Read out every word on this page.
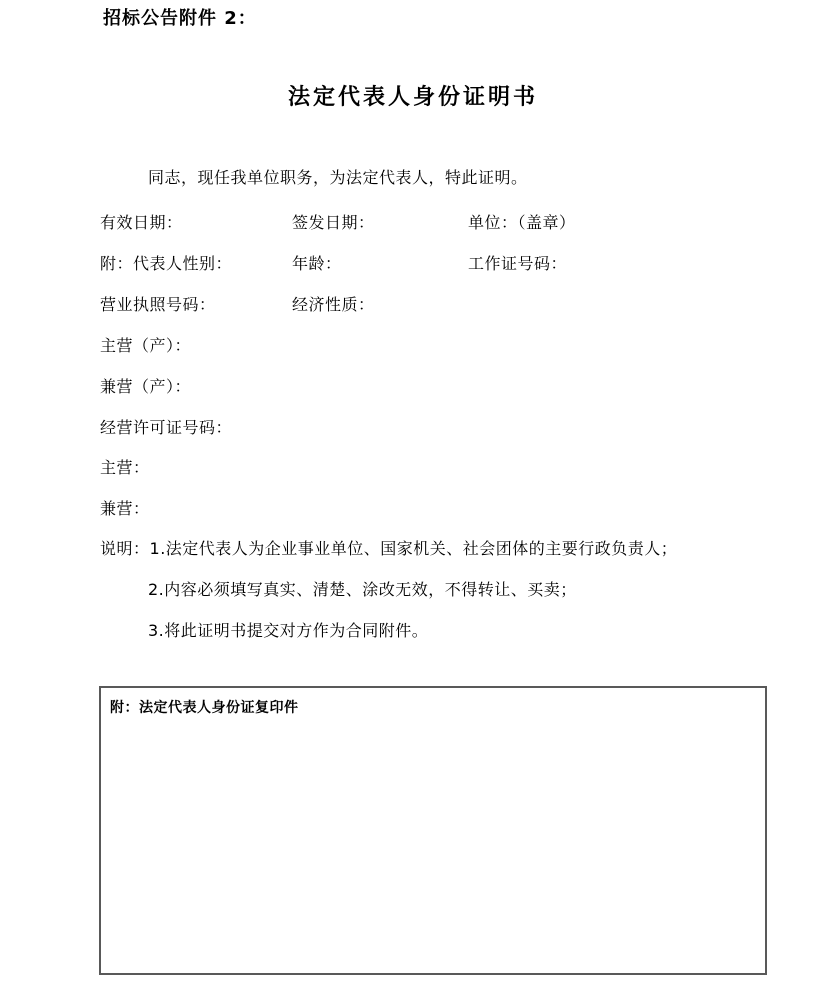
招标公告附件 2：
法定代表人身份证明书
同志，现任我单位职务，为法定代表人，特此证明。
有效日期：	签发日期：	单位：（盖章）
附：代表人性别：	年龄：	工作证号码：
营业执照号码：	经济性质：
主营（产）：
兼营（产）：
经营许可证号码：
主营：
兼营：
说明：1.法定代表人为企业事业单位、国家机关、社会团体的主要行政负责人；
2.内容必须填写真实、清楚、涂改无效，不得转让、买卖；
3.将此证明书提交对方作为合同附件。
附：法定代表人身份证复印件
